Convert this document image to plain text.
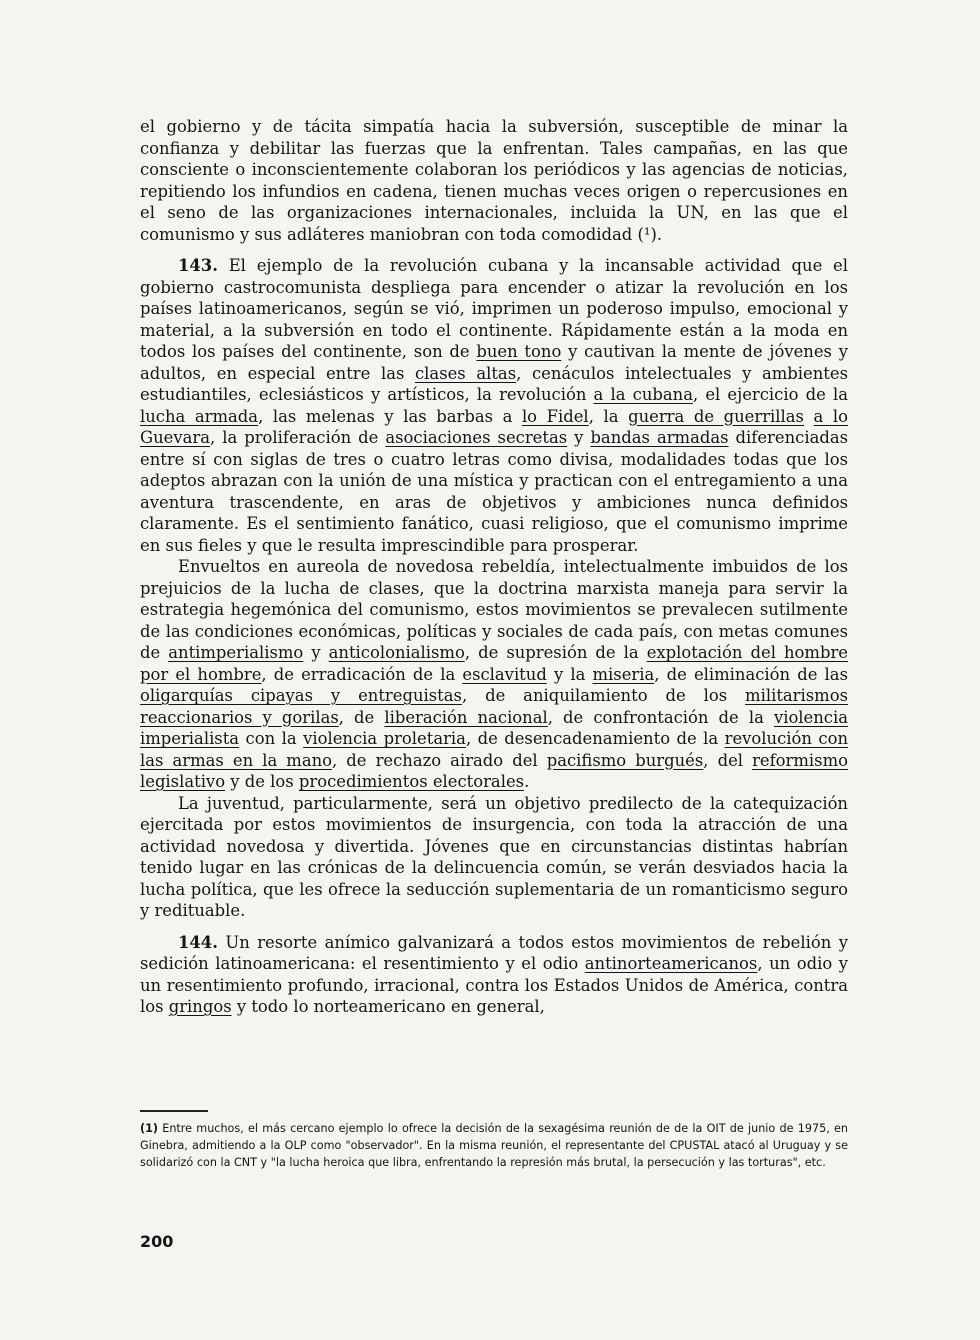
el gobierno y de tácita simpatía hacia la subversión, susceptible de minar la confianza y debilitar las fuerzas que la enfrentan. Tales campañas, en las que consciente o inconscientemente colaboran los periódicos y las agencias de noticias, repitiendo los infundios en cadena, tienen muchas veces origen o repercusiones en el seno de las organizaciones internacionales, incluida la UN, en las que el comunismo y sus adláteres maniobran con toda comodidad (¹).

143. El ejemplo de la revolución cubana y la incansable actividad que el gobierno castrocomunista despliega para encender o atizar la revolución en los países latinoamericanos, según se vió, imprimen un poderoso impulso, emocional y material, a la subversión en todo el continente. Rápidamente están a la moda en todos los países del continente, son de buen tono y cautivan la mente de jóvenes y adultos, en especial entre las clases altas, cenáculos intelectuales y ambientes estudiantiles, eclesiásticos y artísticos, la revolución a la cubana, el ejercicio de la lucha armada, las melenas y las barbas a lo Fidel, la guerra de guerrillas a lo Guevara, la proliferación de asociaciones secretas y bandas armadas diferenciadas entre sí con siglas de tres o cuatro letras como divisa, modalidades todas que los adeptos abrazan con la unión de una mística y practican con el entregamiento a una aventura trascendente, en aras de objetivos y ambiciones nunca definidos claramente. Es el sentimiento fanático, cuasi religioso, que el comunismo imprime en sus fieles y que le resulta imprescindible para prosperar.

Envueltos en aureola de novedosa rebeldía, intelectualmente imbuidos de los prejuicios de la lucha de clases, que la doctrina marxista maneja para servir la estrategia hegemónica del comunismo, estos movimientos se prevalecen sutilmente de las condiciones económicas, políticas y sociales de cada país, con metas comunes de antimperialismo y anticolonialismo, de supresión de la explotación del hombre por el hombre, de erradicación de la esclavitud y la miseria, de eliminación de las oligarquías cipayas y entreguistas, de aniquilamiento de los militarismos reaccionarios y gorilas, de liberación nacional, de confrontación de la violencia imperialista con la violencia proletaria, de desencadenamiento de la revolución con las armas en la mano, de rechazo airado del pacifismo burgués, del reformismo legislativo y de los procedimientos electorales.

La juventud, particularmente, será un objetivo predilecto de la catequización ejercitada por estos movimientos de insurgencia, con toda la atracción de una actividad novedosa y divertida. Jóvenes que en circunstancias distintas habrían tenido lugar en las crónicas de la delincuencia común, se verán desviados hacia la lucha política, que les ofrece la seducción suplementaria de un romanticismo seguro y redituable.

144. Un resorte anímico galvanizará a todos estos movimientos de rebelión y sedición latinoamericana: el resentimiento y el odio antinorteamericanos, un odio y un resentimiento profundo, irracional, contra los Estados Unidos de América, contra los gringos y todo lo norteamericano en general,

(1) Entre muchos, el más cercano ejemplo lo ofrece la decisión de la sexagésima reunión de de la OIT de junio de 1975, en Ginebra, admitiendo a la OLP como "observador". En la misma reunión, el representante del CPUSTAL atacó al Uruguay y se solidarizó con la CNT y "la lucha heroica que libra, enfrentando la represión más brutal, la persecución y las torturas", etc.

200
